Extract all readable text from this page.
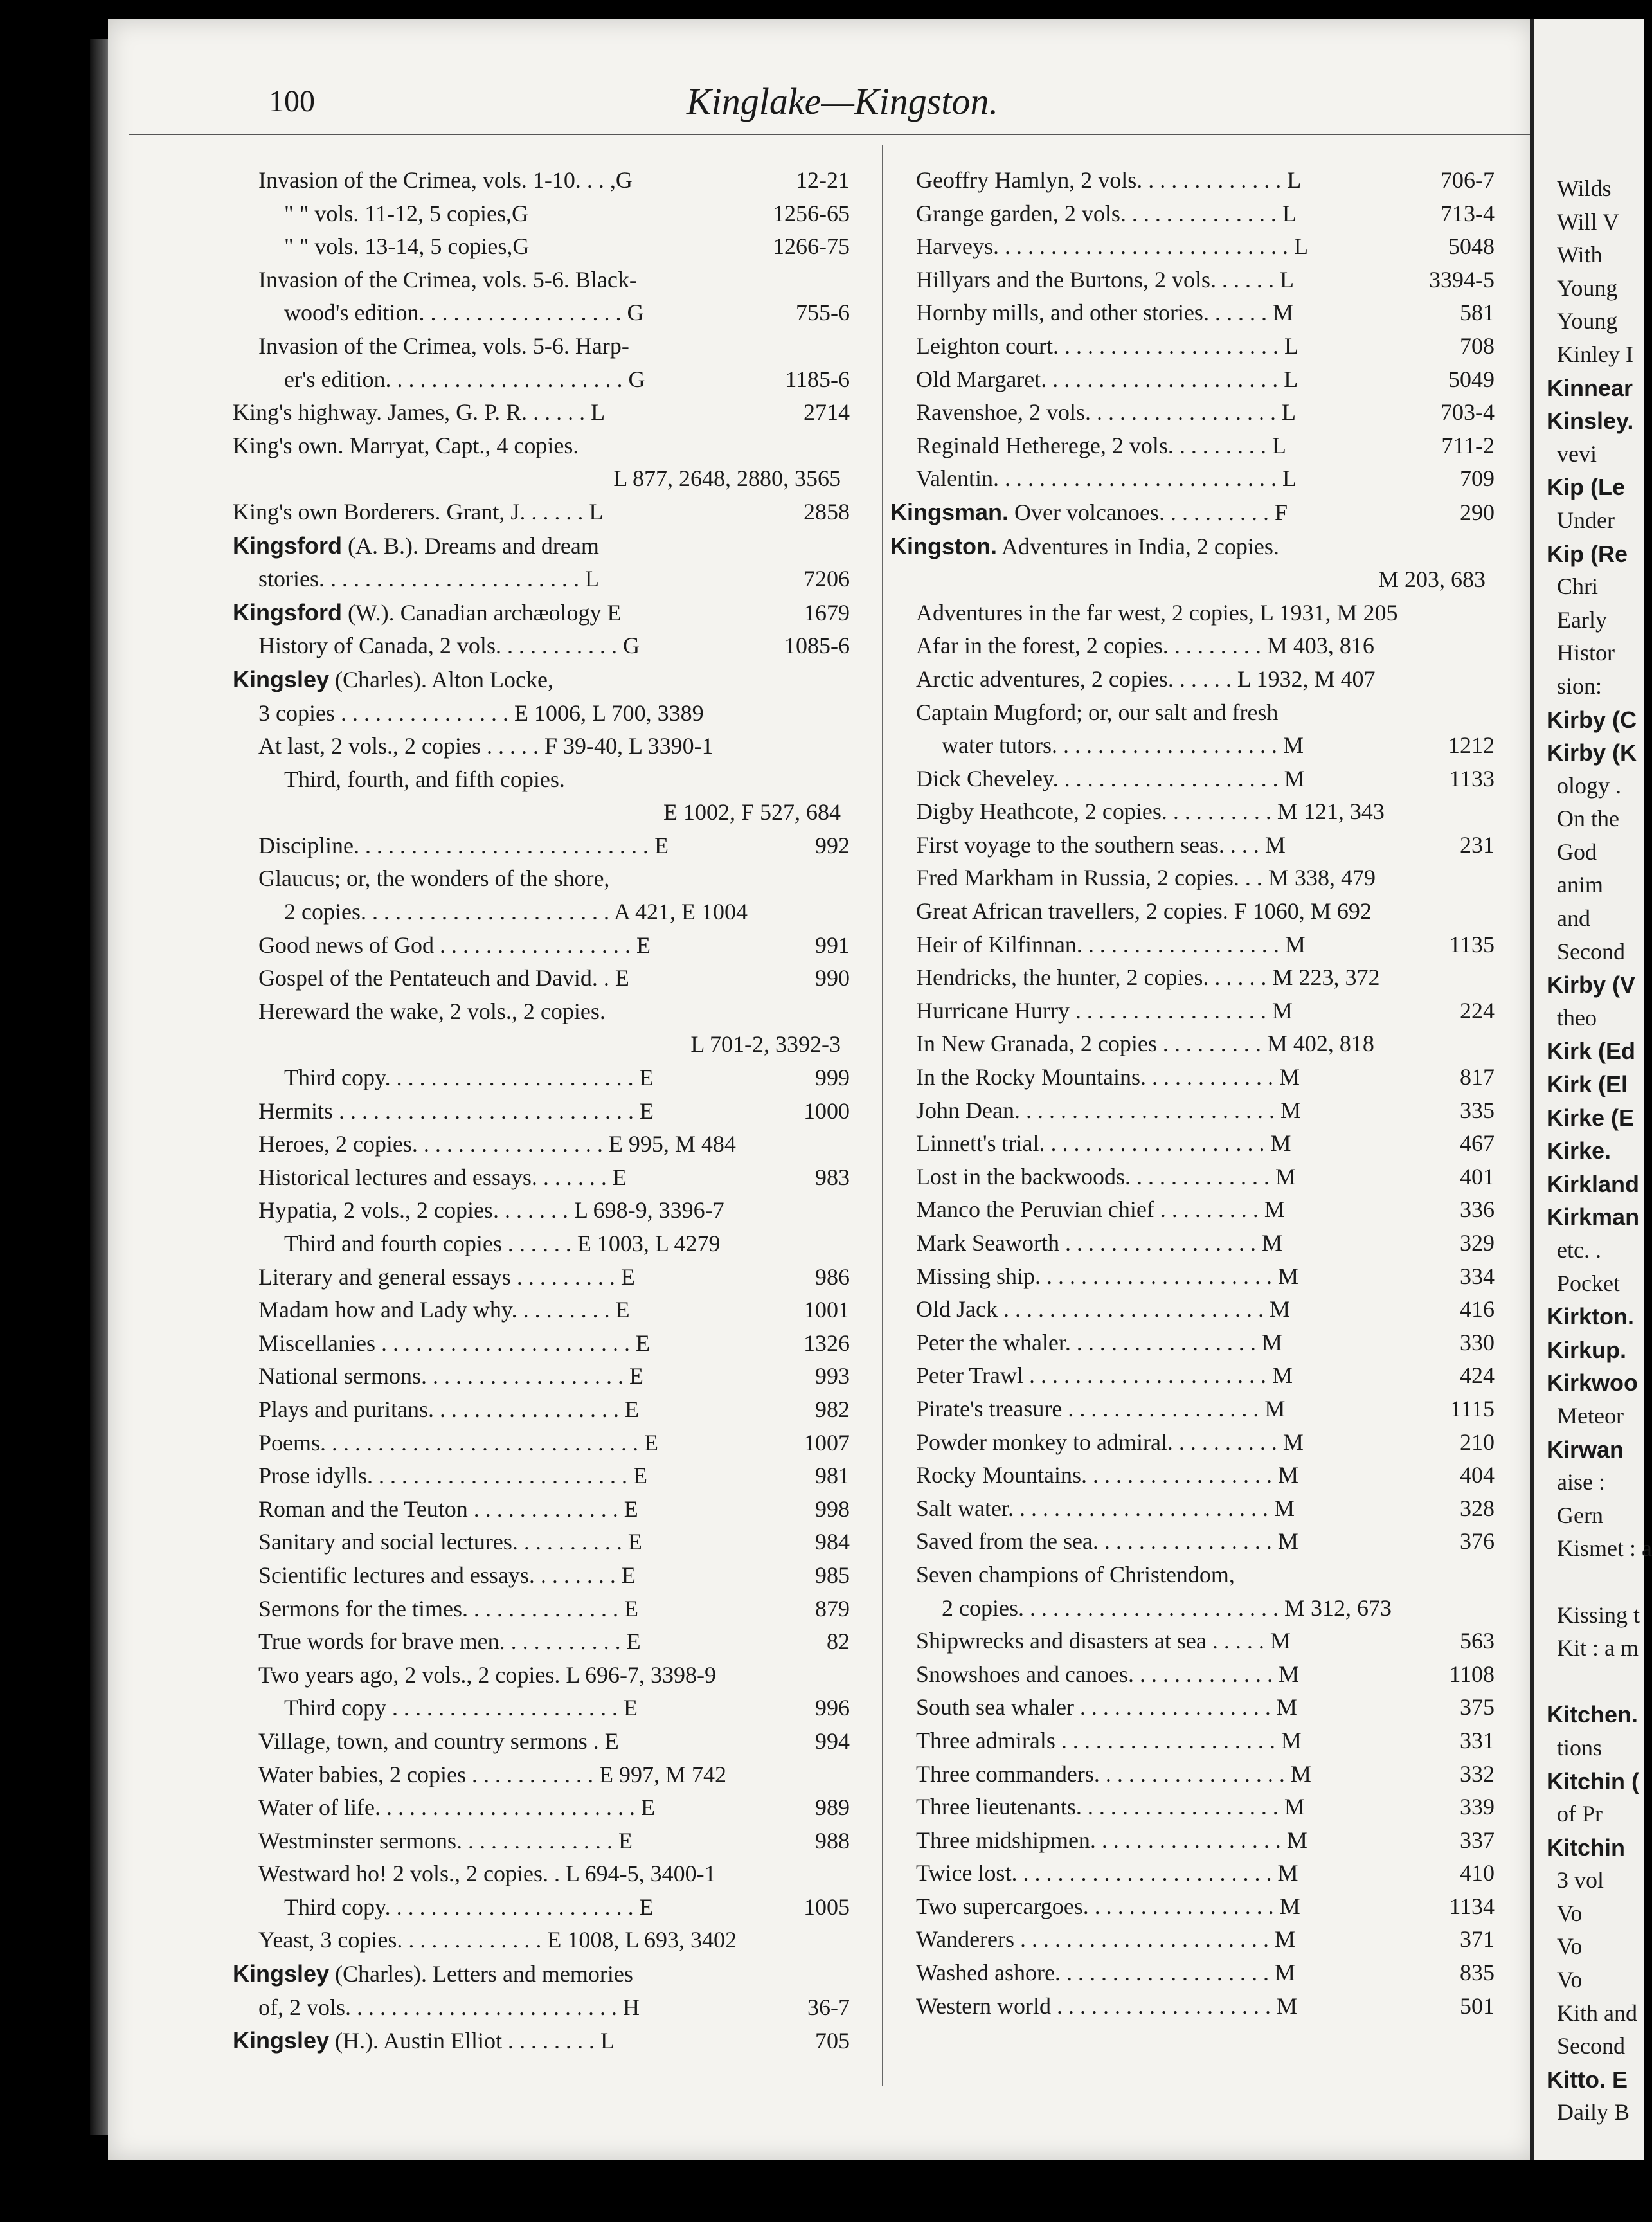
100	Kinglake—Kingston.
Invasion of the Crimea, vols. 1-10. . . ,G	12-21
" " vols. 11-12, 5 copies,G	1256-65
" " vols. 13-14, 5 copies,G	1266-75
Invasion of the Crimea, vols. 5-6. Black-
wood's edition. . . . . . . . . . . . . . . . . . G	755-6
Invasion of the Crimea, vols. 5-6. Harp-
er's edition. . . . . . . . . . . . . . . . . . . . . G	1185-6
King's highway. James, G. P. R. . . . . . L	2714
King's own. Marryat, Capt., 4 copies.
L 877, 2648, 2880, 3565
King's own Borderers. Grant, J. . . . . . L	2858
Kingsford (A. B.). Dreams and dream
stories. . . . . . . . . . . . . . . . . . . . . . . L	7206
Kingsford (W.). Canadian archæology E	1679
History of Canada, 2 vols. . . . . . . . . . . G	1085-6
Kingsley (Charles). Alton Locke,
3 copies . . . . . . . . . . . . . . . E 1006, L 700, 3389
At last, 2 vols., 2 copies . . . . . F 39-40, L 3390-1
Third, fourth, and fifth copies.
E 1002, F 527, 684
Discipline. . . . . . . . . . . . . . . . . . . . . . . . . . E	992
Glaucus; or, the wonders of the shore,
2 copies. . . . . . . . . . . . . . . . . . . . . . A 421, E 1004
Good news of God . . . . . . . . . . . . . . . . . E	991
Gospel of the Pentateuch and David. . E	990
Hereward the wake, 2 vols., 2 copies.
L 701-2, 3392-3
Third copy. . . . . . . . . . . . . . . . . . . . . . E	999
Hermits . . . . . . . . . . . . . . . . . . . . . . . . . . E	1000
Heroes, 2 copies. . . . . . . . . . . . . . . . . E 995, M 484
Historical lectures and essays. . . . . . . E	983
Hypatia, 2 vols., 2 copies. . . . . . . L 698-9, 3396-7
Third and fourth copies . . . . . . E 1003, L 4279
Literary and general essays . . . . . . . . . E	986
Madam how and Lady why. . . . . . . . . E	1001
Miscellanies . . . . . . . . . . . . . . . . . . . . . . E	1326
National sermons. . . . . . . . . . . . . . . . . . E	993
Plays and puritans. . . . . . . . . . . . . . . . . E	982
Poems. . . . . . . . . . . . . . . . . . . . . . . . . . . . E	1007
Prose idylls. . . . . . . . . . . . . . . . . . . . . . . E	981
Roman and the Teuton . . . . . . . . . . . . . E	998
Sanitary and social lectures. . . . . . . . . . E	984
Scientific lectures and essays. . . . . . . . E	985
Sermons for the times. . . . . . . . . . . . . . E	879
True words for brave men. . . . . . . . . . . E	82
Two years ago, 2 vols., 2 copies. L 696-7, 3398-9
Third copy . . . . . . . . . . . . . . . . . . . . E	996
Village, town, and country sermons . E	994
Water babies, 2 copies . . . . . . . . . . . E 997, M 742
Water of life. . . . . . . . . . . . . . . . . . . . . . . E	989
Westminster sermons. . . . . . . . . . . . . . E	988
Westward ho! 2 vols., 2 copies. . L 694-5, 3400-1
Third copy. . . . . . . . . . . . . . . . . . . . . . E	1005
Yeast, 3 copies. . . . . . . . . . . . . E 1008, L 693, 3402
Kingsley (Charles). Letters and memories
of, 2 vols. . . . . . . . . . . . . . . . . . . . . . . . H	36-7
Kingsley (H.). Austin Elliot . . . . . . . . L	705
Geoffry Hamlyn, 2 vols. . . . . . . . . . . . . L	706-7
Grange garden, 2 vols. . . . . . . . . . . . . . L	713-4
Harveys. . . . . . . . . . . . . . . . . . . . . . . . . . L	5048
Hillyars and the Burtons, 2 vols. . . . . . L	3394-5
Hornby mills, and other stories. . . . . . M	581
Leighton court. . . . . . . . . . . . . . . . . . . . L	708
Old Margaret. . . . . . . . . . . . . . . . . . . . . L	5049
Ravenshoe, 2 vols. . . . . . . . . . . . . . . . . L	703-4
Reginald Hetherege, 2 vols. . . . . . . . . L	711-2
Valentin. . . . . . . . . . . . . . . . . . . . . . . . . L	709
Kingsman. Over volcanoes. . . . . . . . . . F	290
Kingston. Adventures in India, 2 copies.
M 203, 683
Adventures in the far west, 2 copies, L 1931, M 205
Afar in the forest, 2 copies. . . . . . . . . M 403, 816
Arctic adventures, 2 copies. . . . . . L 1932, M 407
Captain Mugford; or, our salt and fresh
water tutors. . . . . . . . . . . . . . . . . . . . M	1212
Dick Cheveley. . . . . . . . . . . . . . . . . . . . M	1133
Digby Heathcote, 2 copies. . . . . . . . . . M 121, 343
First voyage to the southern seas. . . . M	231
Fred Markham in Russia, 2 copies. . . M 338, 479
Great African travellers, 2 copies. F 1060, M 692
Heir of Kilfinnan. . . . . . . . . . . . . . . . . . M	1135
Hendricks, the hunter, 2 copies. . . . . . M 223, 372
Hurricane Hurry . . . . . . . . . . . . . . . . . M	224
In New Granada, 2 copies . . . . . . . . . M 402, 818
In the Rocky Mountains. . . . . . . . . . . . M	817
John Dean. . . . . . . . . . . . . . . . . . . . . . . M	335
Linnett's trial. . . . . . . . . . . . . . . . . . . . M	467
Lost in the backwoods. . . . . . . . . . . . . M	401
Manco the Peruvian chief . . . . . . . . . M	336
Mark Seaworth . . . . . . . . . . . . . . . . . M	329
Missing ship. . . . . . . . . . . . . . . . . . . . . M	334
Old Jack . . . . . . . . . . . . . . . . . . . . . . . M	416
Peter the whaler. . . . . . . . . . . . . . . . . M	330
Peter Trawl . . . . . . . . . . . . . . . . . . . . . M	424
Pirate's treasure . . . . . . . . . . . . . . . . . M	1115
Powder monkey to admiral. . . . . . . . . . M	210
Rocky Mountains. . . . . . . . . . . . . . . . . M	404
Salt water. . . . . . . . . . . . . . . . . . . . . . . M	328
Saved from the sea. . . . . . . . . . . . . . . . M	376
Seven champions of Christendom,
2 copies. . . . . . . . . . . . . . . . . . . . . . . M 312, 673
Shipwrecks and disasters at sea . . . . . M	563
Snowshoes and canoes. . . . . . . . . . . . . M	1108
South sea whaler . . . . . . . . . . . . . . . . . M	375
Three admirals . . . . . . . . . . . . . . . . . . . M	331
Three commanders. . . . . . . . . . . . . . . . . M	332
Three lieutenants. . . . . . . . . . . . . . . . . . M	339
Three midshipmen. . . . . . . . . . . . . . . . . M	337
Twice lost. . . . . . . . . . . . . . . . . . . . . . . M	410
Two supercargoes. . . . . . . . . . . . . . . . . M	1134
Wanderers . . . . . . . . . . . . . . . . . . . . . . M	371
Washed ashore. . . . . . . . . . . . . . . . . . . M	835
Western world . . . . . . . . . . . . . . . . . . . M	501
Wilds
Will V
With
Young
Young
Kinley I
Kinnear
Kinsley.
vevi
Kip (Le
Under
Kip (Re
Chri
Early
Histor
sion:
Kirby (C
Kirby (K
ology .
On the
God
anim
and
Second
Kirby (V
theo
Kirk (Ed
Kirk (El
Kirke (E
Kirke.
Kirkland
Kirkman
etc. .
Pocket
Kirkton.
Kirkup.
Kirkwoo
Meteor
Kirwan
aise :
Gern
Kismet : a

Kissing t
Kit : a m

Kitchen.
tions
Kitchin (
of Pr
Kitchin
3 vol
Vo
Vo
Vo
Kith and
Second
Kitto. E
Daily B
